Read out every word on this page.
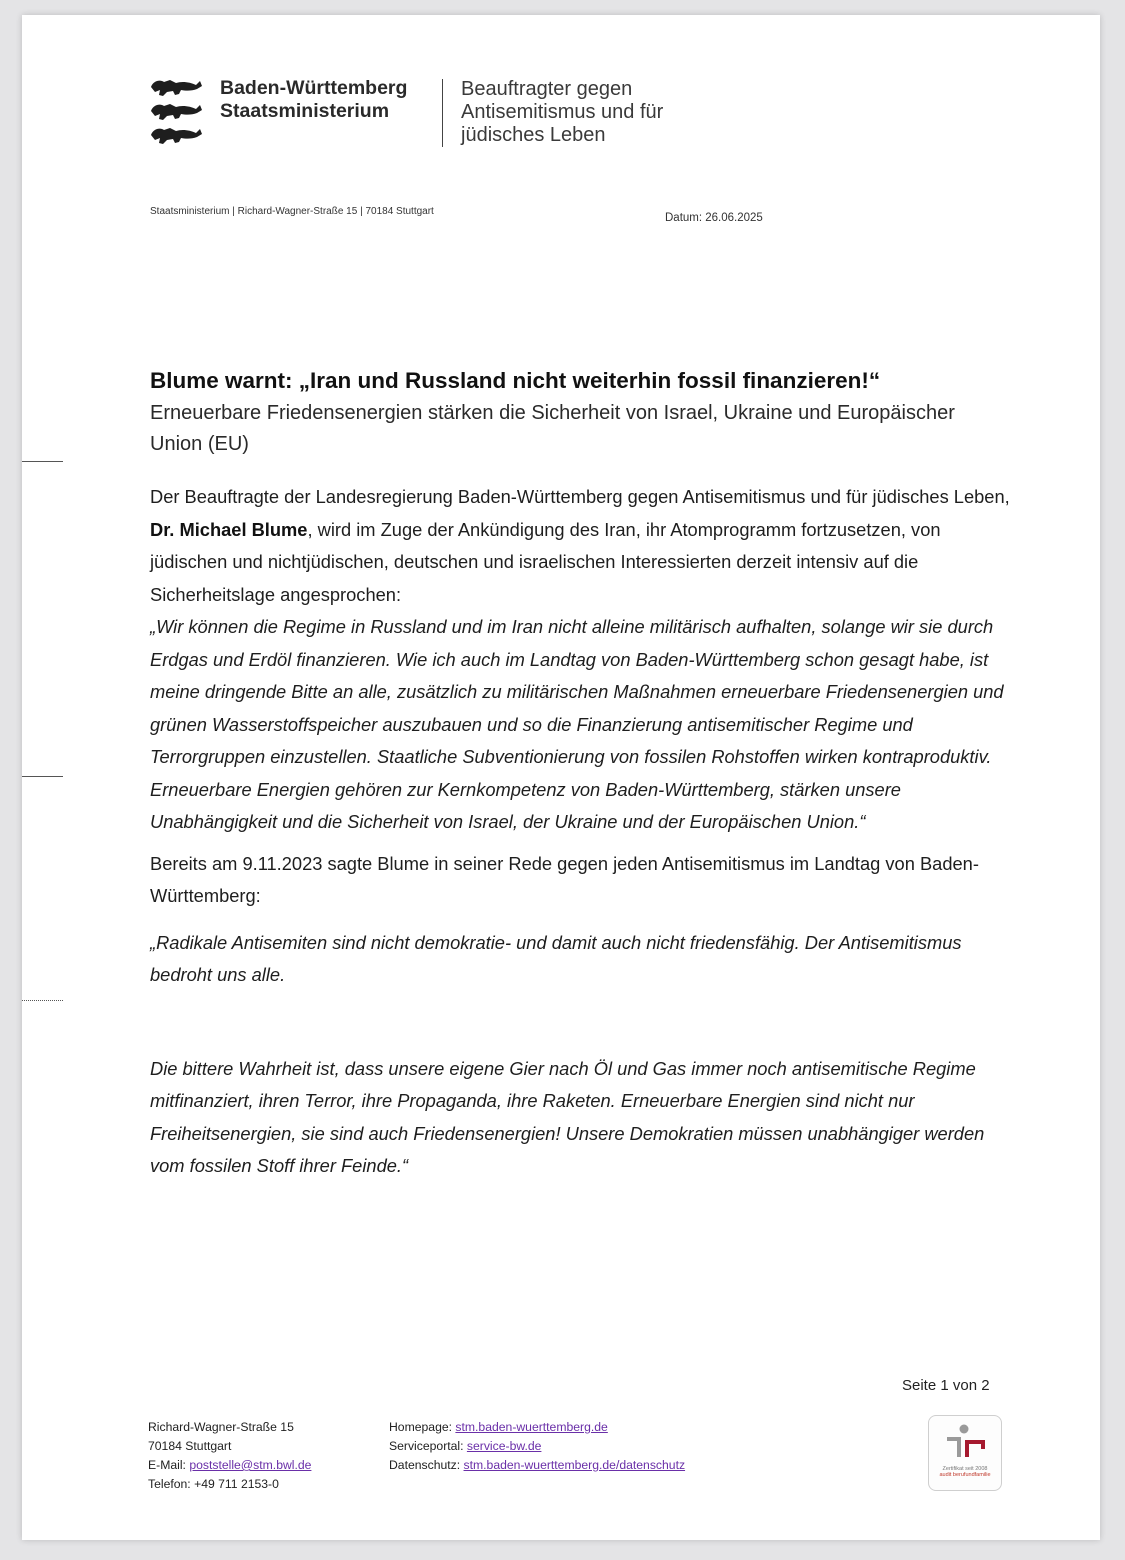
Baden-Württemberg
Staatsministerium
Beauftragter gegen
Antisemitismus und für
jüdisches Leben
Staatsministerium | Richard-Wagner-Straße 15 | 70184 Stuttgart
Datum: 26.06.2025

Blume warnt: „Iran und Russland nicht weiterhin fossil finanzieren!“

Erneuerbare Friedensenergien stärken die Sicherheit von Israel, Ukraine und Europäischer Union (EU)

Der Beauftragte der Landesregierung Baden-Württemberg gegen Antisemitismus und für jüdisches Leben, Dr. Michael Blume, wird im Zuge der Ankündigung des Iran, ihr Atomprogramm fortzusetzen, von jüdischen und nichtjüdischen, deutschen und israelischen Interessierten derzeit intensiv auf die Sicherheitslage angesprochen:

„Wir können die Regime in Russland und im Iran nicht alleine militärisch aufhalten, solange wir sie durch Erdgas und Erdöl finanzieren. Wie ich auch im Landtag von Baden-Württemberg schon gesagt habe, ist meine dringende Bitte an alle, zusätzlich zu militärischen Maßnahmen erneuerbare Friedensenergien und grünen Wasserstoffspeicher auszubauen und so die Finanzierung antisemitischer Regime und Terrorgruppen einzustellen. Staatliche Subventionierung von fossilen Rohstoffen wirken kontraproduktiv. Erneuerbare Energien gehören zur Kernkompetenz von Baden-Württemberg, stärken unsere Unabhängigkeit und die Sicherheit von Israel, der Ukraine und der Europäischen Union.“

Bereits am 9.11.2023 sagte Blume in seiner Rede gegen jeden Antisemitismus im Landtag von Baden-Württemberg:

„Radikale Antisemiten sind nicht demokratie- und damit auch nicht friedensfähig. Der Antisemitismus bedroht uns alle.

Die bittere Wahrheit ist, dass unsere eigene Gier nach Öl und Gas immer noch antisemitische Regime mitfinanziert, ihren Terror, ihre Propaganda, ihre Raketen. Erneuerbare Energien sind nicht nur Freiheitsenergien, sie sind auch Friedensenergien! Unsere Demokratien müssen unabhängiger werden vom fossilen Stoff ihrer Feinde.“

Seite 1 von 2
Richard-Wagner-Straße 15
70184 Stuttgart
E-Mail: poststelle@stm.bwl.de
Telefon: +49 711 2153-0
Homepage: stm.baden-wuerttemberg.de
Serviceportal: service-bw.de
Datenschutz: stm.baden-wuerttemberg.de/datenschutz	Zertifikat seit 2008
audit berufundfamilie
